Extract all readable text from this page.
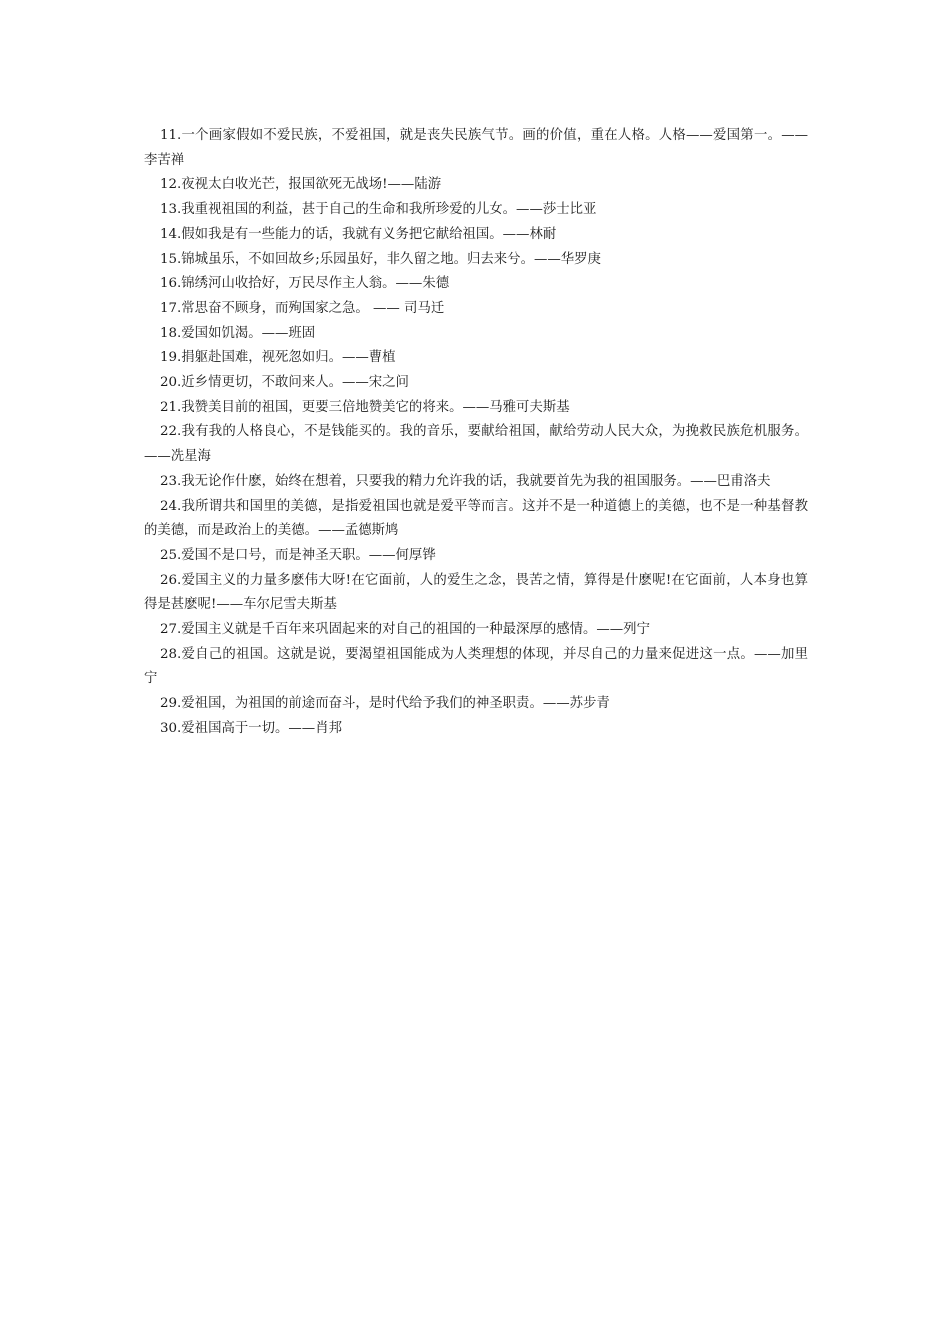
11.一个画家假如不爱民族，不爱祖国，就是丧失民族气节。画的价值，重在人格。人格——爱国第一。——李苦禅

12.夜视太白收光芒，报国欲死无战场!——陆游

13.我重视祖国的利益，甚于自己的生命和我所珍爱的儿女。——莎士比亚

14.假如我是有一些能力的话，我就有义务把它献给祖国。——林耐

15.锦城虽乐，不如回故乡;乐园虽好，非久留之地。归去来兮。——华罗庚

16.锦绣河山收拾好，万民尽作主人翁。——朱德

17.常思奋不顾身，而殉国家之急。 —— 司马迁

18.爱国如饥渴。——班固

19.捐躯赴国难，视死忽如归。——曹植

20.近乡情更切，不敢问来人。——宋之问

21.我赞美目前的祖国，更要三倍地赞美它的将来。——马雅可夫斯基

22.我有我的人格良心，不是钱能买的。我的音乐，要献给祖国，献给劳动人民大众，为挽救民族危机服务。——冼星海

23.我无论作什麽，始终在想着，只要我的精力允许我的话，我就要首先为我的祖国服务。——巴甫洛夫

24.我所谓共和国里的美德，是指爱祖国也就是爱平等而言。这并不是一种道德上的美德，也不是一种基督教的美德，而是政治上的美德。——孟德斯鸠

25.爱国不是口号，而是神圣天职。——何厚铧

26.爱国主义的力量多麽伟大呀!在它面前，人的爱生之念，畏苦之情，算得是什麽呢!在它面前，人本身也算得是甚麽呢!——车尔尼雪夫斯基

27.爱国主义就是千百年来巩固起来的对自己的祖国的一种最深厚的感情。——列宁

28.爱自己的祖国。这就是说，要渴望祖国能成为人类理想的体现，并尽自己的力量来促进这一点。——加里宁

29.爱祖国，为祖国的前途而奋斗，是时代给予我们的神圣职责。——苏步青

30.爱祖国高于一切。——肖邦
